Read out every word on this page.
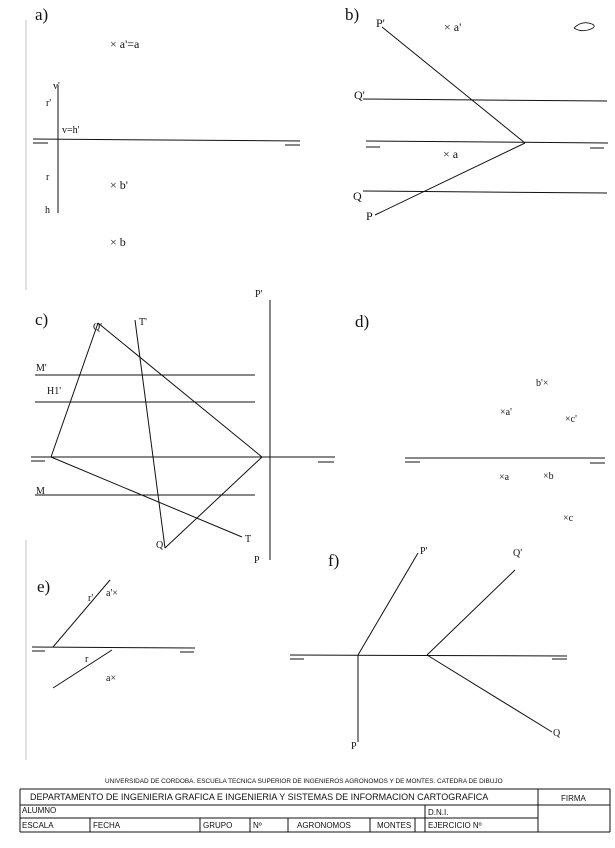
a)
× a'=a
v'
r'
v=h'
r
× b'
h
× b
b) P'	× a'
Q'
× a
Q
P
c)
P'
Q'	T'
M'
H1'
M
Q
T
P
d)
b'×
×a'
×c'
×a	×b
×c
e)
r' a'×
r
a×
f)	P'	Q'
P
Q
UNIVERSIDAD DE CORDOBA. ESCUELA TECNICA SUPERIOR DE INGENIEROS AGRONOMOS Y DE MONTES. CATEDRA DE DIBUJO
DEPARTAMENTO DE INGENIERIA GRAFICA E INGENIERIA Y SISTEMAS DE INFORMACION CARTOGRAFICA	FIRMA
ALUMNO	D.N.I.
ESCALA	FECHA	GRUPO	Nº	AGRONOMOS	MONTES EJERCICIO Nº
